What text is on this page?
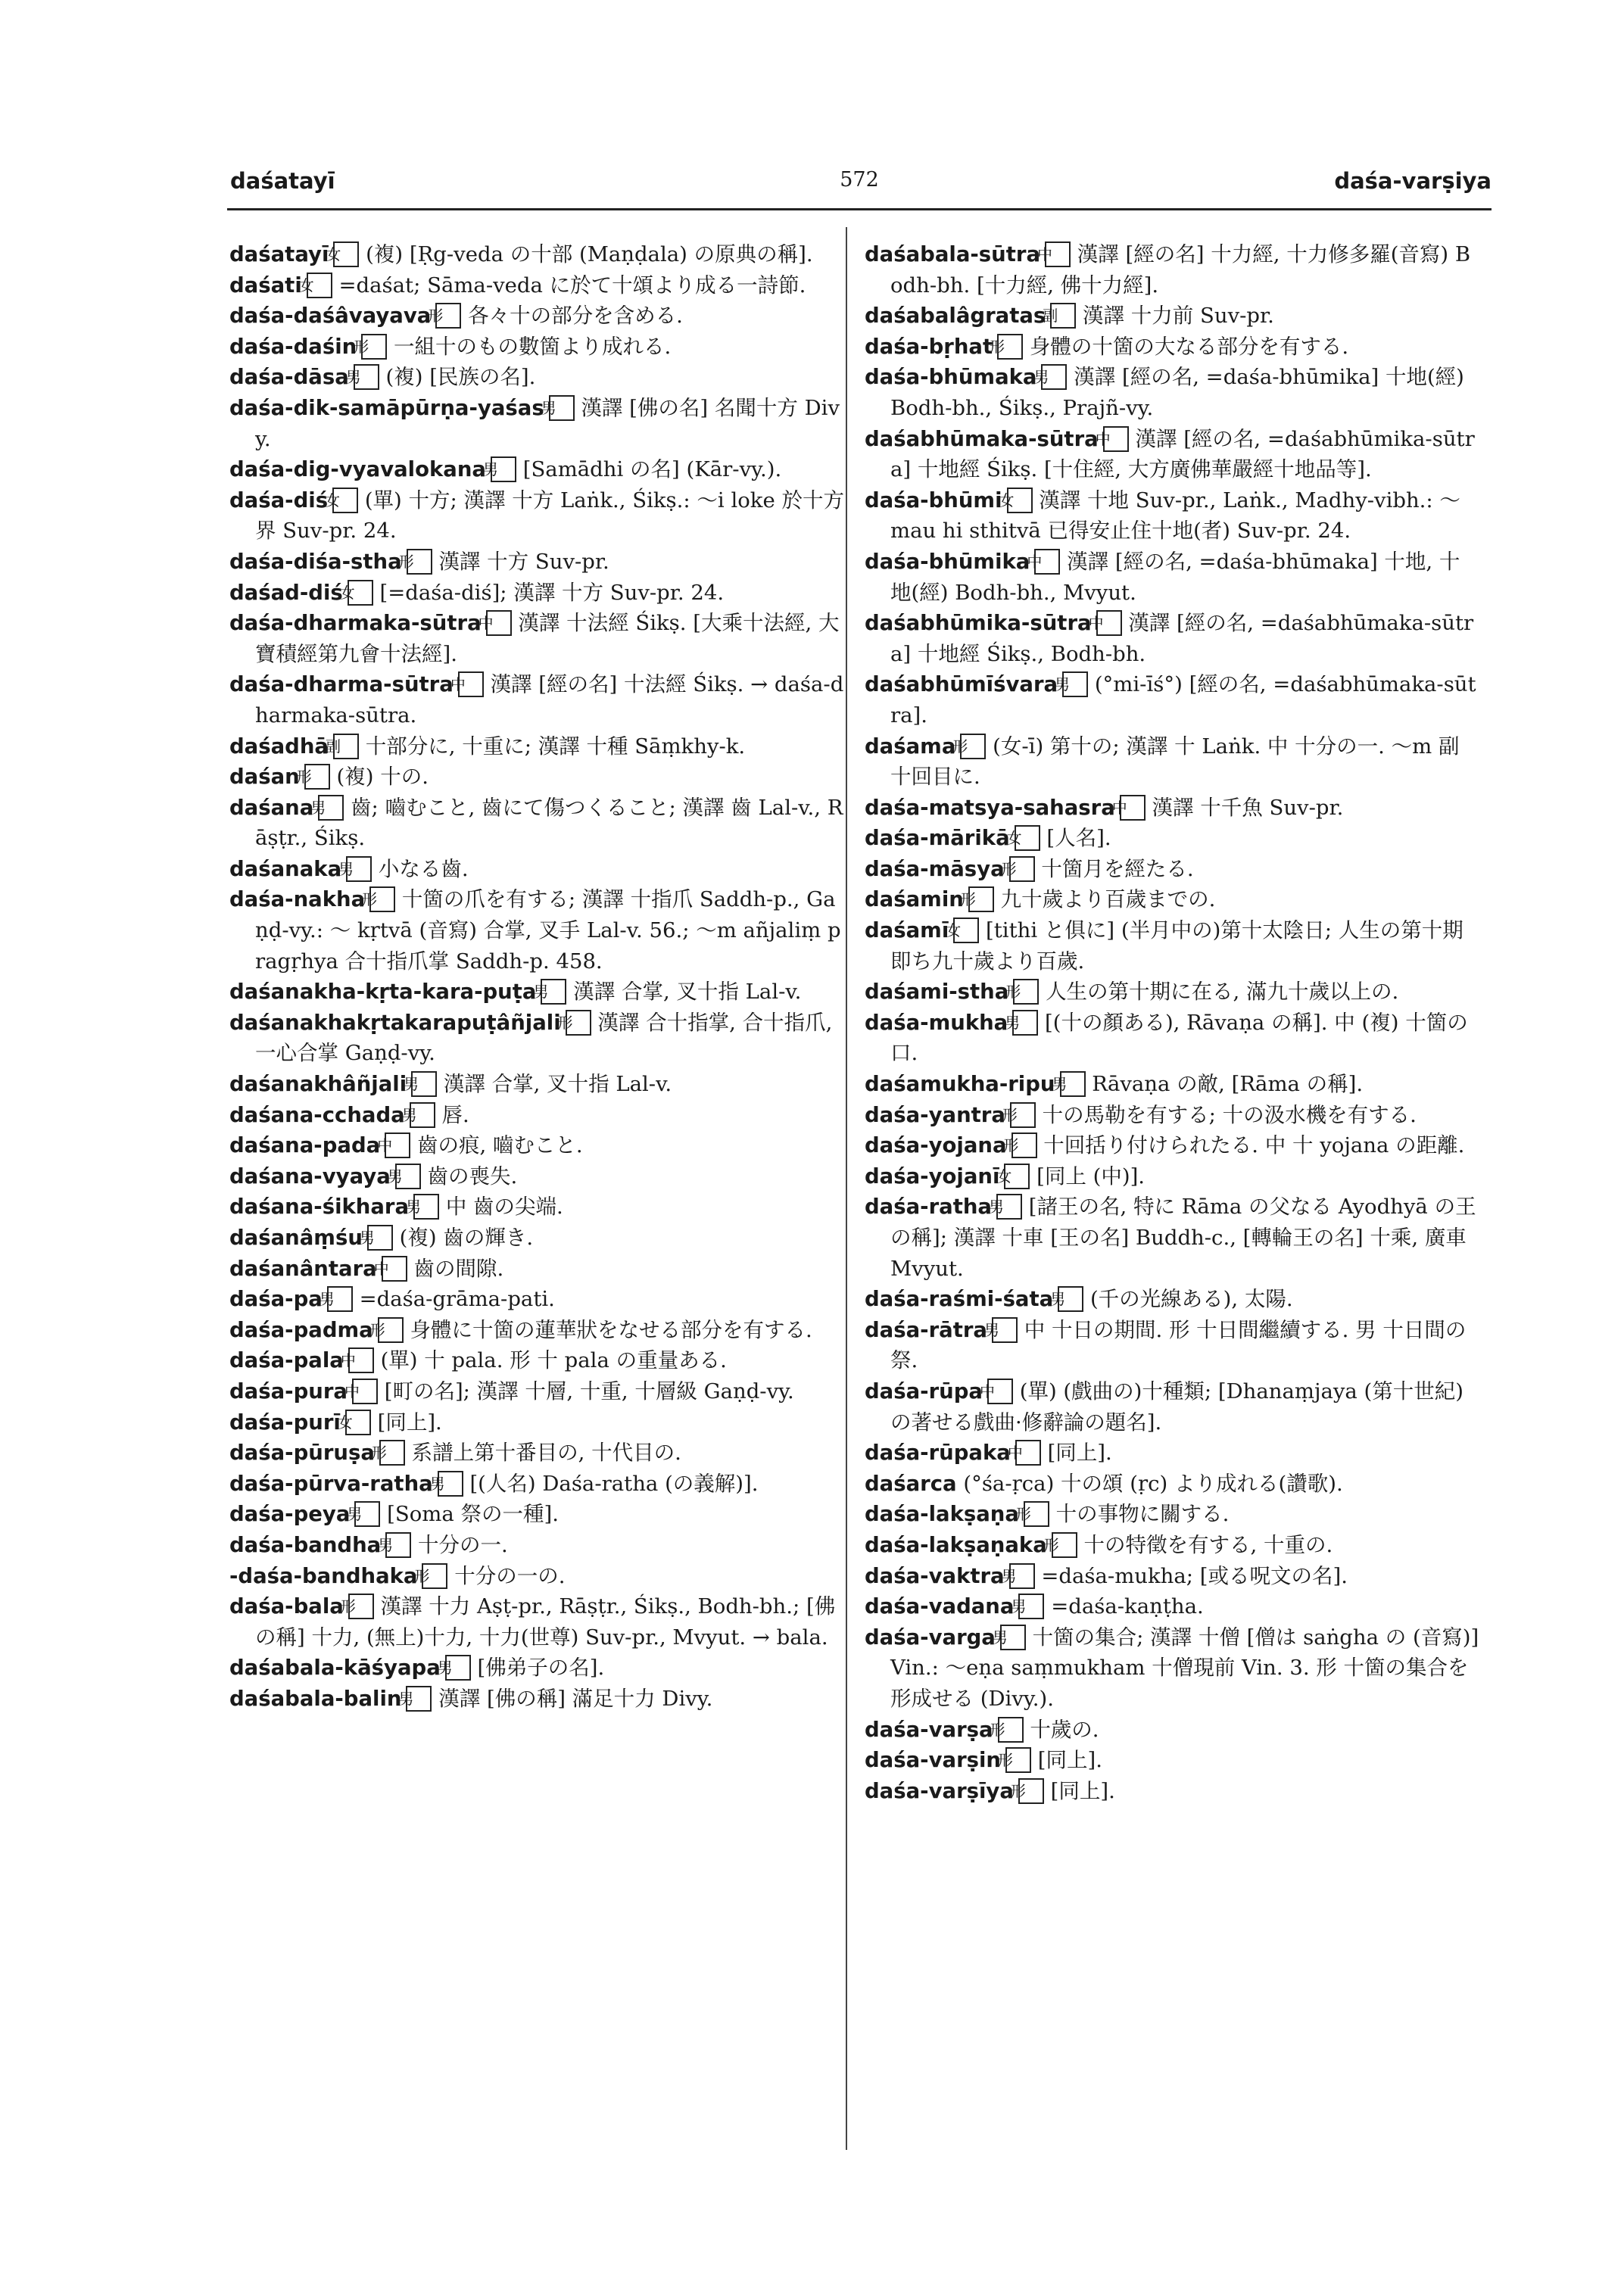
daśatayī	572	daśa-varṣiya

daśatayī女 (複) [Ṛg-veda の十部 (Maṇḍala) の原典の稱].

daśati女 =daśat; Sāma-veda に於て十頌より成る一詩節.

daśa-daśâvayava形 各々十の部分を含める.

daśa-daśin形 一組十のもの數箇より成れる.

daśa-dāsa男 (複) [民族の名].

daśa-dik-samāpūrṇa-yaśas男 漢譯 [佛の名] 名聞十方 Divy.

daśa-dig-vyavalokana男 [Samādhi の名] (Kār-vy.).

daśa-diś女 (單) 十方; 漢譯 十方 Laṅk., Śikṣ.: ～i loke 於十方界 Suv-pr. 24.

daśa-diśa-stha形 漢譯 十方 Suv-pr.

daśad-diś女 [=daśa-diś]; 漢譯 十方 Suv-pr. 24.

daśa-dharmaka-sūtra中 漢譯 十法經 Śikṣ. [大乘十法經, 大寶積經第九會十法經].

daśa-dharma-sūtra中 漢譯 [經の名] 十法經 Śikṣ. → daśa-dharmaka-sūtra.

daśadhā副 十部分に, 十重に; 漢譯 十種 Sāṃkhy-k.

daśan形 (複) 十の.

daśana男 齒; 嚙むこと, 齒にて傷つくること; 漢譯 齒 Lal-v., Rāṣṭr., Śikṣ.

daśanaka男 小なる齒.

daśa-nakha形 十箇の爪を有する; 漢譯 十指爪 Saddh-p., Gaṇḍ-vy.: ～ kṛtvā (音寫) 合掌, 叉手 Lal-v. 56.; ～m añjaliṃ pragṛhya 合十指爪掌 Saddh-p. 458.

daśanakha-kṛta-kara-puṭa男 漢譯 合掌, 叉十指 Lal-v.

daśanakhakṛtakarapuṭâñjali形 漢譯 合十指掌, 合十指爪, 一心合掌 Gaṇḍ-vy.

daśanakhâñjali男 漢譯 合掌, 叉十指 Lal-v.

daśana-cchada男 唇.

daśana-pada中 齒の痕, 嚙むこと.

daśana-vyaya男 齒の喪失.

daśana-śikhara男 中 齒の尖端.

daśanâṃśu男 (複) 齒の輝き.

daśanântara中 齒の間隙.

daśa-pa男 =daśa-grāma-pati.

daśa-padma形 身體に十箇の蓮華狀をなせる部分を有する.

daśa-pala中 (單) 十 pala. 形 十 pala の重量ある.

daśa-pura中 [町の名]; 漢譯 十層, 十重, 十層級 Gaṇḍ-vy.

daśa-purī女 [同上].

daśa-pūruṣa形 系譜上第十番目の, 十代目の.

daśa-pūrva-ratha男 [(人名) Daśa-ratha (の義解)].

daśa-peya男 [Soma 祭の一種].

daśa-bandha男 十分の一.

-daśa-bandhaka形 十分の一の.

daśa-bala形 漢譯 十力 Aṣṭ-pr., Rāṣṭr., Śikṣ., Bodh-bh.; [佛の稱] 十力, (無上)十力, 十力(世尊) Suv-pr., Mvyut. → bala.

daśabala-kāśyapa男 [佛弟子の名].

daśabala-balin男 漢譯 [佛の稱] 滿足十力 Divy.

daśabala-sūtra中 漢譯 [經の名] 十力經, 十力修多羅(音寫) Bodh-bh. [十力經, 佛十力經].

daśabalâgratas副 漢譯 十力前 Suv-pr.

daśa-bṛhat形 身體の十箇の大なる部分を有する.

daśa-bhūmaka男 漢譯 [經の名, =daśa-bhūmika] 十地(經) Bodh-bh., Śikṣ., Prajñ-vy.

daśabhūmaka-sūtra中 漢譯 [經の名, =daśabhūmika-sūtra] 十地經 Śikṣ. [十住經, 大方廣佛華嚴經十地品等].

daśa-bhūmi女 漢譯 十地 Suv-pr., Laṅk., Madhy-vibh.: ～mau hi sthitvā 已得安止住十地(者) Suv-pr. 24.

daśa-bhūmika中 漢譯 [經の名, =daśa-bhūmaka] 十地, 十地(經) Bodh-bh., Mvyut.

daśabhūmika-sūtra中 漢譯 [經の名, =daśabhūmaka-sūtra] 十地經 Śikṣ., Bodh-bh.

daśabhūmīśvara男 (°mi-īś°) [經の名, =daśabhūmaka-sūtra].

daśama形 (女-ī) 第十の; 漢譯 十 Laṅk. 中 十分の一. ～m 副 十回目に.

daśa-matsya-sahasra中 漢譯 十千魚 Suv-pr.

daśa-mārikā女 [人名].

daśa-māsya形 十箇月を經たる.

daśamin形 九十歲より百歲までの.

daśamī女 [tithi と俱に] (半月中の)第十太陰日; 人生の第十期即ち九十歲より百歲.

daśami-stha形 人生の第十期に在る, 滿九十歲以上の.

daśa-mukha男 [(十の顏ある), Rāvaṇa の稱]. 中 (複) 十箇の口.

daśamukha-ripu男 Rāvaṇa の敵, [Rāma の稱].

daśa-yantra形 十の馬勒を有する; 十の汲水機を有する.

daśa-yojana形 十回括り付けられたる. 中 十 yojana の距離.

daśa-yojanī女 [同上 (中)].

daśa-ratha男 [諸王の名, 特に Rāma の父なる Ayodhyā の王の稱]; 漢譯 十車 [王の名] Buddh-c., [轉輪王の名] 十乘, 廣車 Mvyut.

daśa-raśmi-śata男 (千の光線ある), 太陽.

daśa-rātra男 中 十日の期間. 形 十日間繼續する. 男 十日間の祭.

daśa-rūpa中 (單) (戲曲の)十種類; [Dhanaṃjaya (第十世紀)の著せる戲曲·修辭論の題名].

daśa-rūpaka中 [同上].

daśarca (°śa-ṛca) 十の頌 (ṛc) より成れる(讚歌).

daśa-lakṣaṇa形 十の事物に關する.

daśa-lakṣaṇaka形 十の特徵を有する, 十重の.

daśa-vaktra男 =daśa-mukha; [或る呪文の名].

daśa-vadana男 =daśa-kaṇṭha.

daśa-varga男 十箇の集合; 漢譯 十僧 [僧は saṅgha の (音寫)] Vin.: ～eṇa saṃmukham 十僧現前 Vin. 3. 形 十箇の集合を形成せる (Divy.).

daśa-varṣa形 十歲の.

daśa-varṣin形 [同上].

daśa-varṣīya形 [同上].
